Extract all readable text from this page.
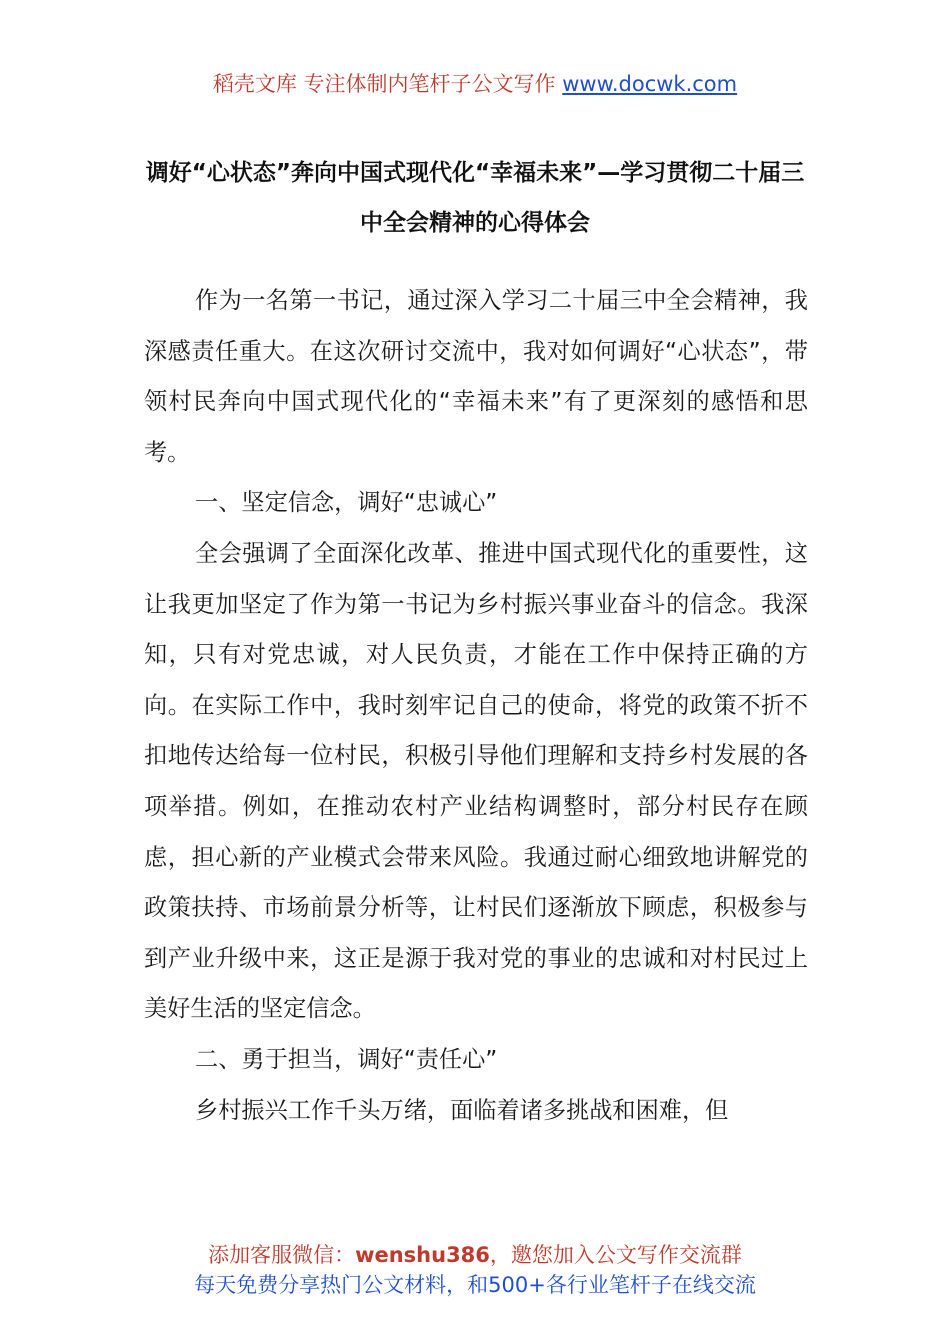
稻壳文库 专注体制内笔杆子公文写作 www.docwk.com
调好“心状态”奔向中国式现代化“幸福未来”—学习贯彻二十届三中全会精神的心得体会

作为一名第一书记，通过深入学习二十届三中全会精神，我深感责任重大。在这次研讨交流中，我对如何调好“心状态”，带领村民奔向中国式现代化的“幸福未来”有了更深刻的感悟和思考。

一、坚定信念，调好“忠诚心”

全会强调了全面深化改革、推进中国式现代化的重要性，这让我更加坚定了作为第一书记为乡村振兴事业奋斗的信念。我深知，只有对党忠诚，对人民负责，才能在工作中保持正确的方向。在实际工作中，我时刻牢记自己的使命，将党的政策不折不扣地传达给每一位村民，积极引导他们理解和支持乡村发展的各项举措。例如，在推动农村产业结构调整时，部分村民存在顾虑，担心新的产业模式会带来风险。我通过耐心细致地讲解党的政策扶持、市场前景分析等，让村民们逐渐放下顾虑，积极参与到产业升级中来，这正是源于我对党的事业的忠诚和对村民过上美好生活的坚定信念。

二、勇于担当，调好“责任心”

乡村振兴工作千头万绪，面临着诸多挑战和困难，但

添加客服微信：wenshu386，邀您加入公文写作交流群
每天免费分享热门公文材料，和500+各行业笔杆子在线交流
